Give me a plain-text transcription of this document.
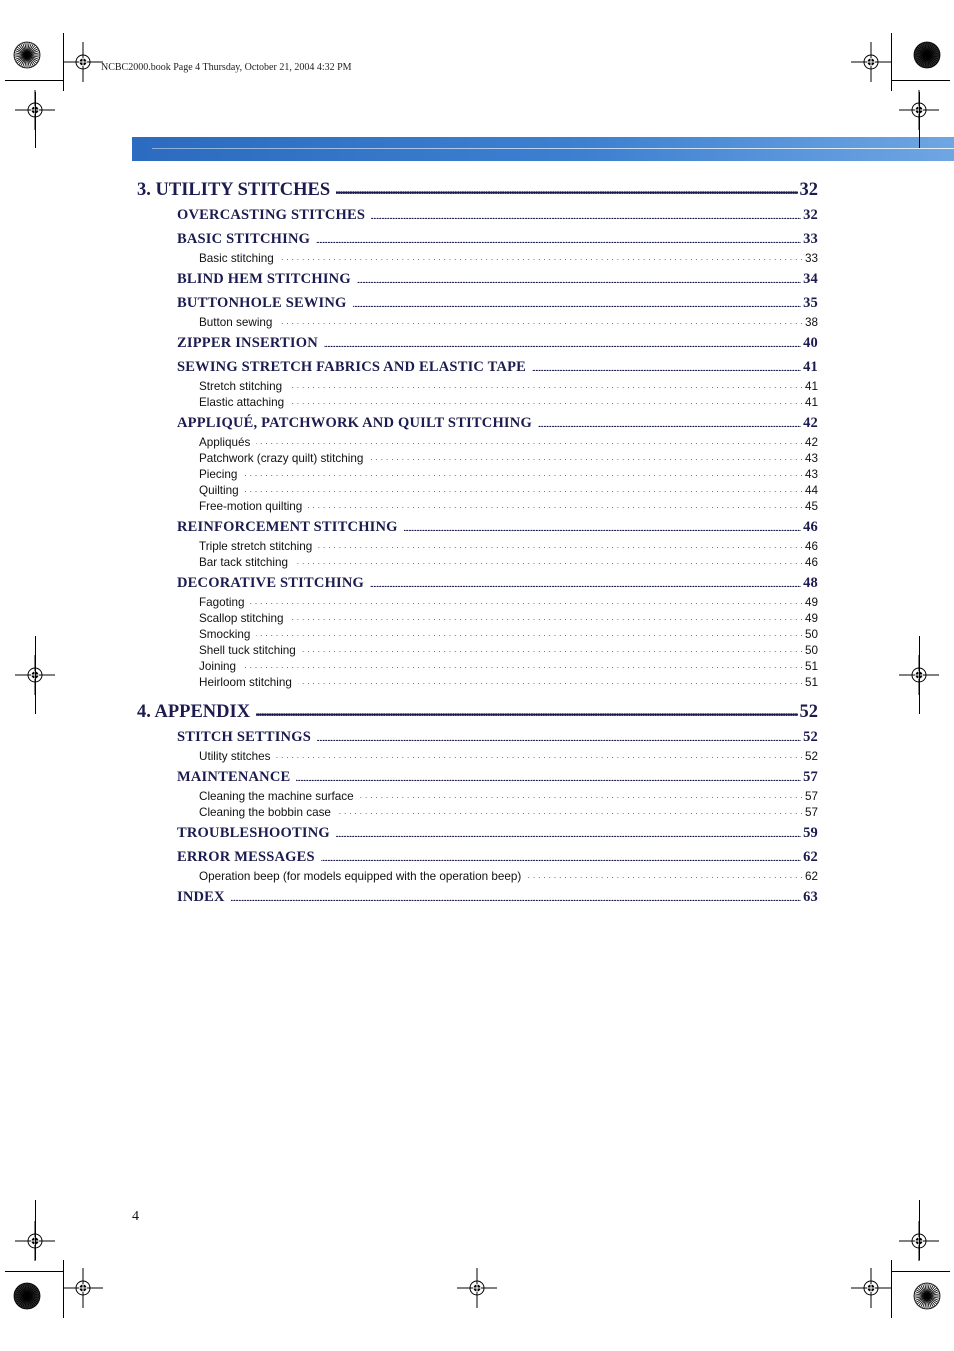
NCBC2000.book Page 4 Thursday, October 21, 2004 4:32 PM
3. UTILITY STITCHES . . .	32
OVERCASTING STITCHES . . .	32
BASIC STITCHING . . .	33
Basic stitching . . .	33
BLIND HEM STITCHING . . .	34
BUTTONHOLE SEWING . . .	35
Button sewing . . .	38
ZIPPER INSERTION . . .	40
SEWING STRETCH FABRICS AND ELASTIC TAPE . . .	41
Stretch stitching . . .	41
Elastic attaching . . .	41
APPLIQUÉ, PATCHWORK AND QUILT STITCHING . . .	42
Appliqués . . .	42
Patchwork (crazy quilt) stitching . . .	43
Piecing . . .	43
Quilting . . .	44
Free-motion quilting . . .	45
REINFORCEMENT STITCHING . . .	46
Triple stretch stitching . . .	46
Bar tack stitching . . .	46
DECORATIVE STITCHING . . .	48
Fagoting . . .	49
Scallop stitching . . .	49
Smocking . . .	50
Shell tuck stitching . . .	50
Joining . . .	51
Heirloom stitching . . .	51
4. APPENDIX . . .	52
STITCH SETTINGS . . .	52
Utility stitches . . .	52
MAINTENANCE . . .	57
Cleaning the machine surface . . .	57
Cleaning the bobbin case . . .	57
TROUBLESHOOTING . . .	59
ERROR MESSAGES . . .	62
Operation beep (for models equipped with the operation beep) . . .	62
INDEX . . .	63
4
